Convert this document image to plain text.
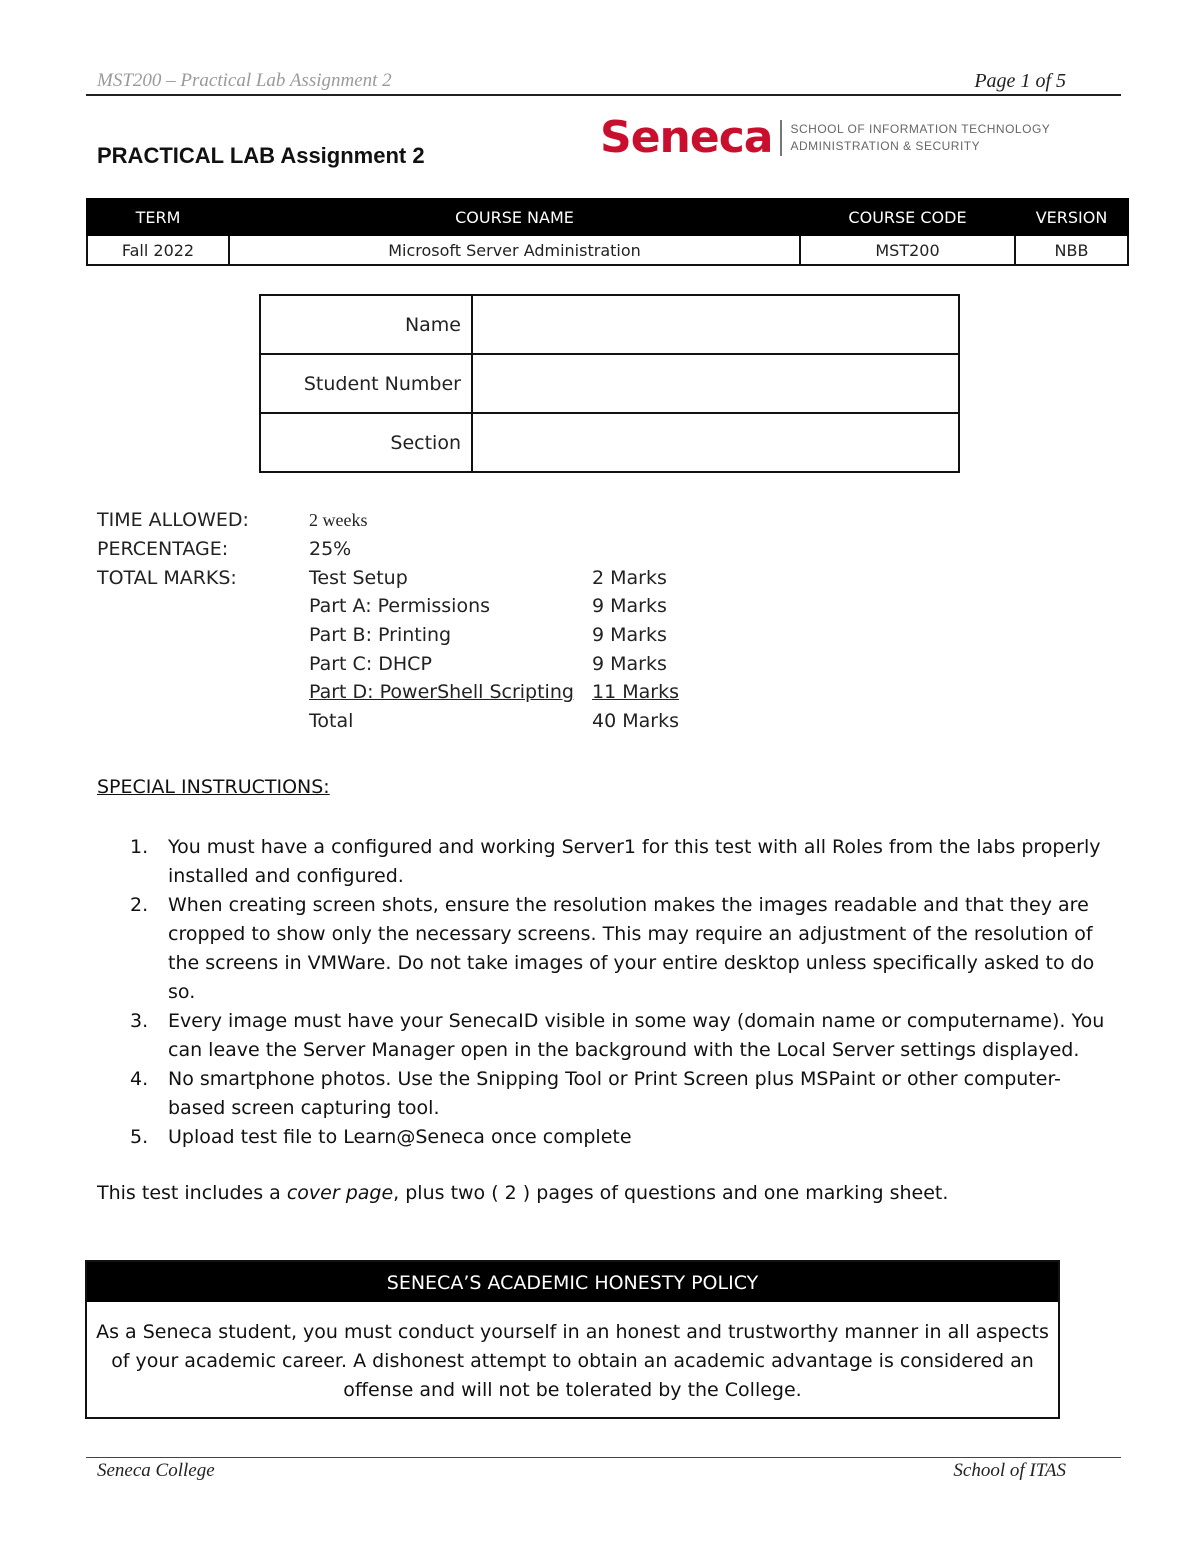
MST200 – Practical Lab Assignment 2	Page 1 of 5
PRACTICAL LAB Assignment 2	Seneca SCHOOL OF INFORMATION TECHNOLOGY
ADMINISTRATION & SECURITY
TERM	COURSE NAME	COURSE CODE	VERSION
Fall 2022	Microsoft Server Administration	MST200	NBB
Name	
Student Number	
Section	
TIME ALLOWED:	2 weeks
PERCENTAGE:	25%
TOTAL MARKS:	Test Setup	2 Marks
Part A: Permissions	9 Marks
Part B: Printing	9 Marks
Part C: DHCP	9 Marks
Part D: PowerShell Scripting 11 Marks
Total	40 Marks
SPECIAL INSTRUCTIONS:
1. You must have a configured and working Server1 for this test with all Roles from the labs properly installed and configured.
2. When creating screen shots, ensure the resolution makes the images readable and that they are cropped to show only the necessary screens. This may require an adjustment of the resolution of the screens in VMWare. Do not take images of your entire desktop unless specifically asked to do so.
3. Every image must have your SenecaID visible in some way (domain name or computername). You can leave the Server Manager open in the background with the Local Server settings displayed.
4. No smartphone photos. Use the Snipping Tool or Print Screen plus MSPaint or other computer-based screen capturing tool.
5. Upload test file to Learn@Seneca once complete
This test includes a cover page, plus two ( 2 ) pages of questions and one marking sheet.
SENECA’S ACADEMIC HONESTY POLICY
As a Seneca student, you must conduct yourself in an honest and trustworthy manner in all aspects of your academic career. A dishonest attempt to obtain an academic advantage is considered an offense and will not be tolerated by the College.
Seneca College	School of ITAS
